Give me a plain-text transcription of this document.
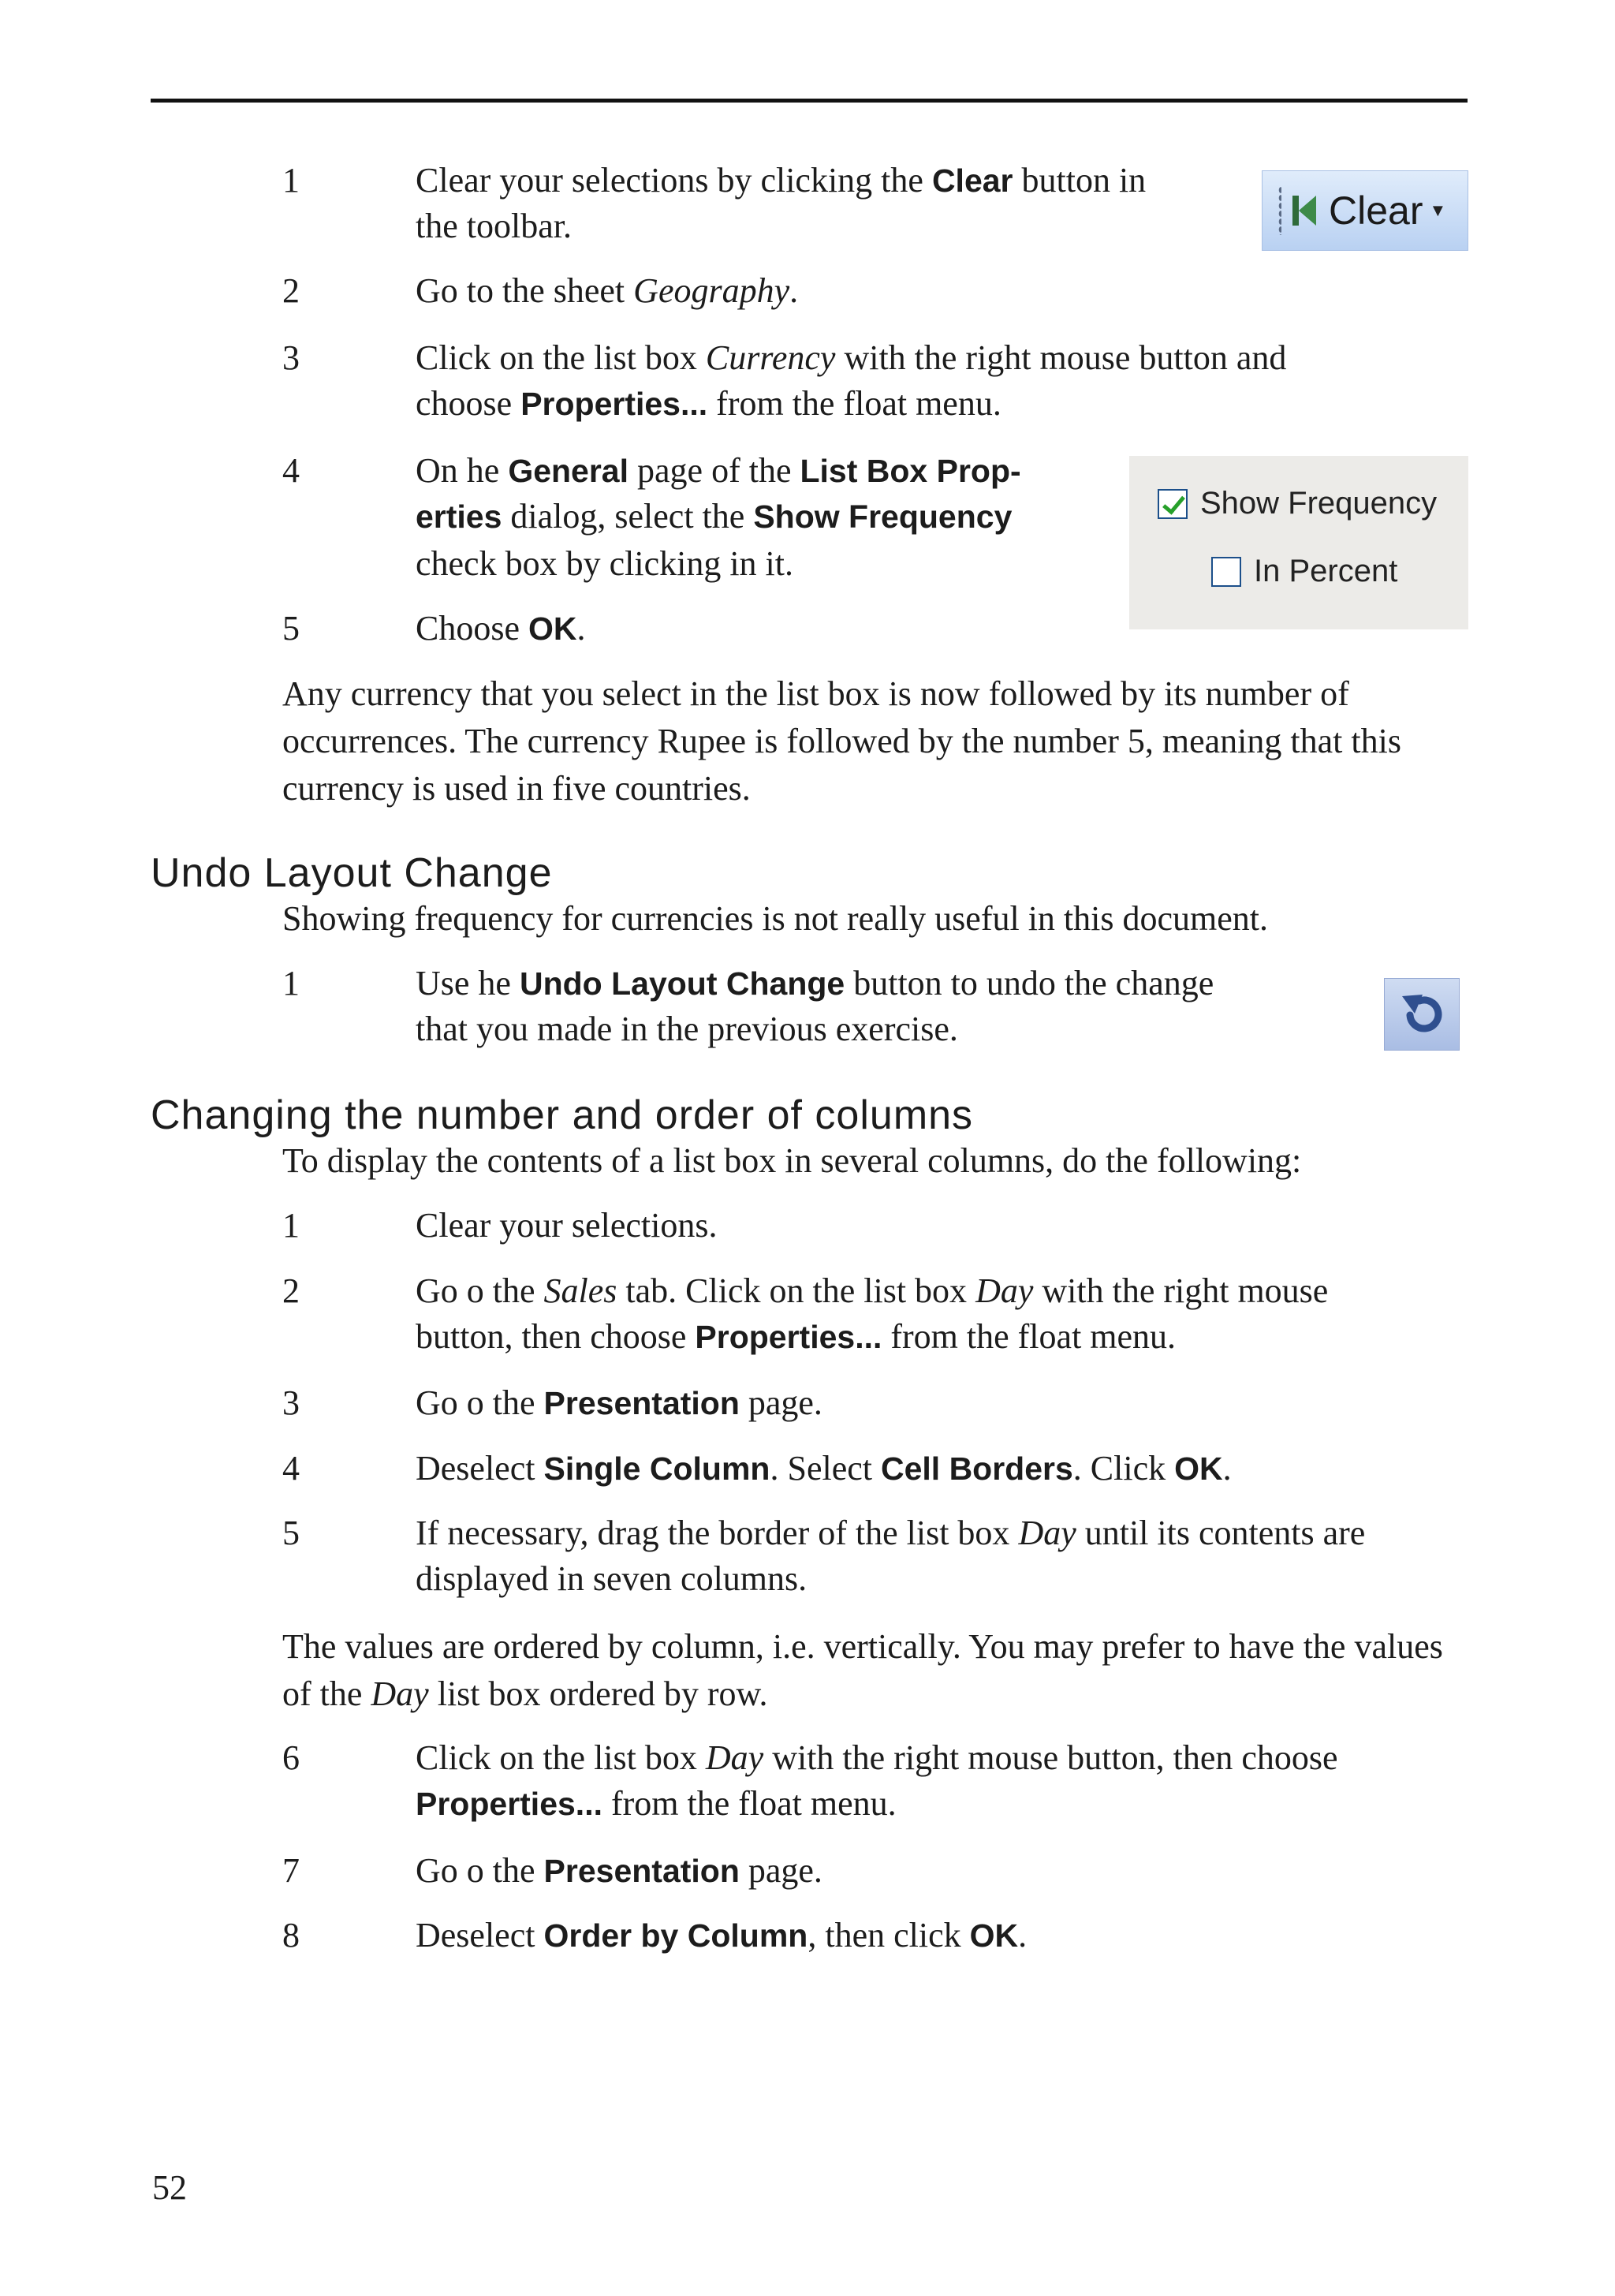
1	Clear your selections by clicking the Clear button in
the toolbar.
2	Go to the sheet Geography.
3	Click on the list box Currency with the right mouse button and
choose Properties... from the float menu.
4	On he General page of the List Box Prop-
erties dialog, select the Show Frequency
check box by clicking in it.
5	Choose OK.
Any currency that you select in the list box is now followed by its number of occurrences. The currency Rupee is followed by the number 5, meaning that this currency is used in five countries.
Clear ▼
Show Frequency
In Percent
Undo Layout Change
Showing frequency for currencies is not really useful in this document.
1	Use he Undo Layout Change button to undo the change
that you made in the previous exercise.
Changing the number and order of columns
To display the contents of a list box in several columns, do the following:
1	Clear your selections.
2	Go o the Sales tab. Click on the list box Day with the right mouse
button, then choose Properties... from the float menu.
3	Go o the Presentation page.
4	Deselect Single Column. Select Cell Borders. Click OK.
5	If necessary, drag the border of the list box Day until its contents are
displayed in seven columns.
The values are ordered by column, i.e. vertically. You may prefer to have the values of the Day list box ordered by row.
6	Click on the list box Day with the right mouse button, then choose
Properties... from the float menu.
7	Go o the Presentation page.
8	Deselect Order by Column, then click OK.
52
